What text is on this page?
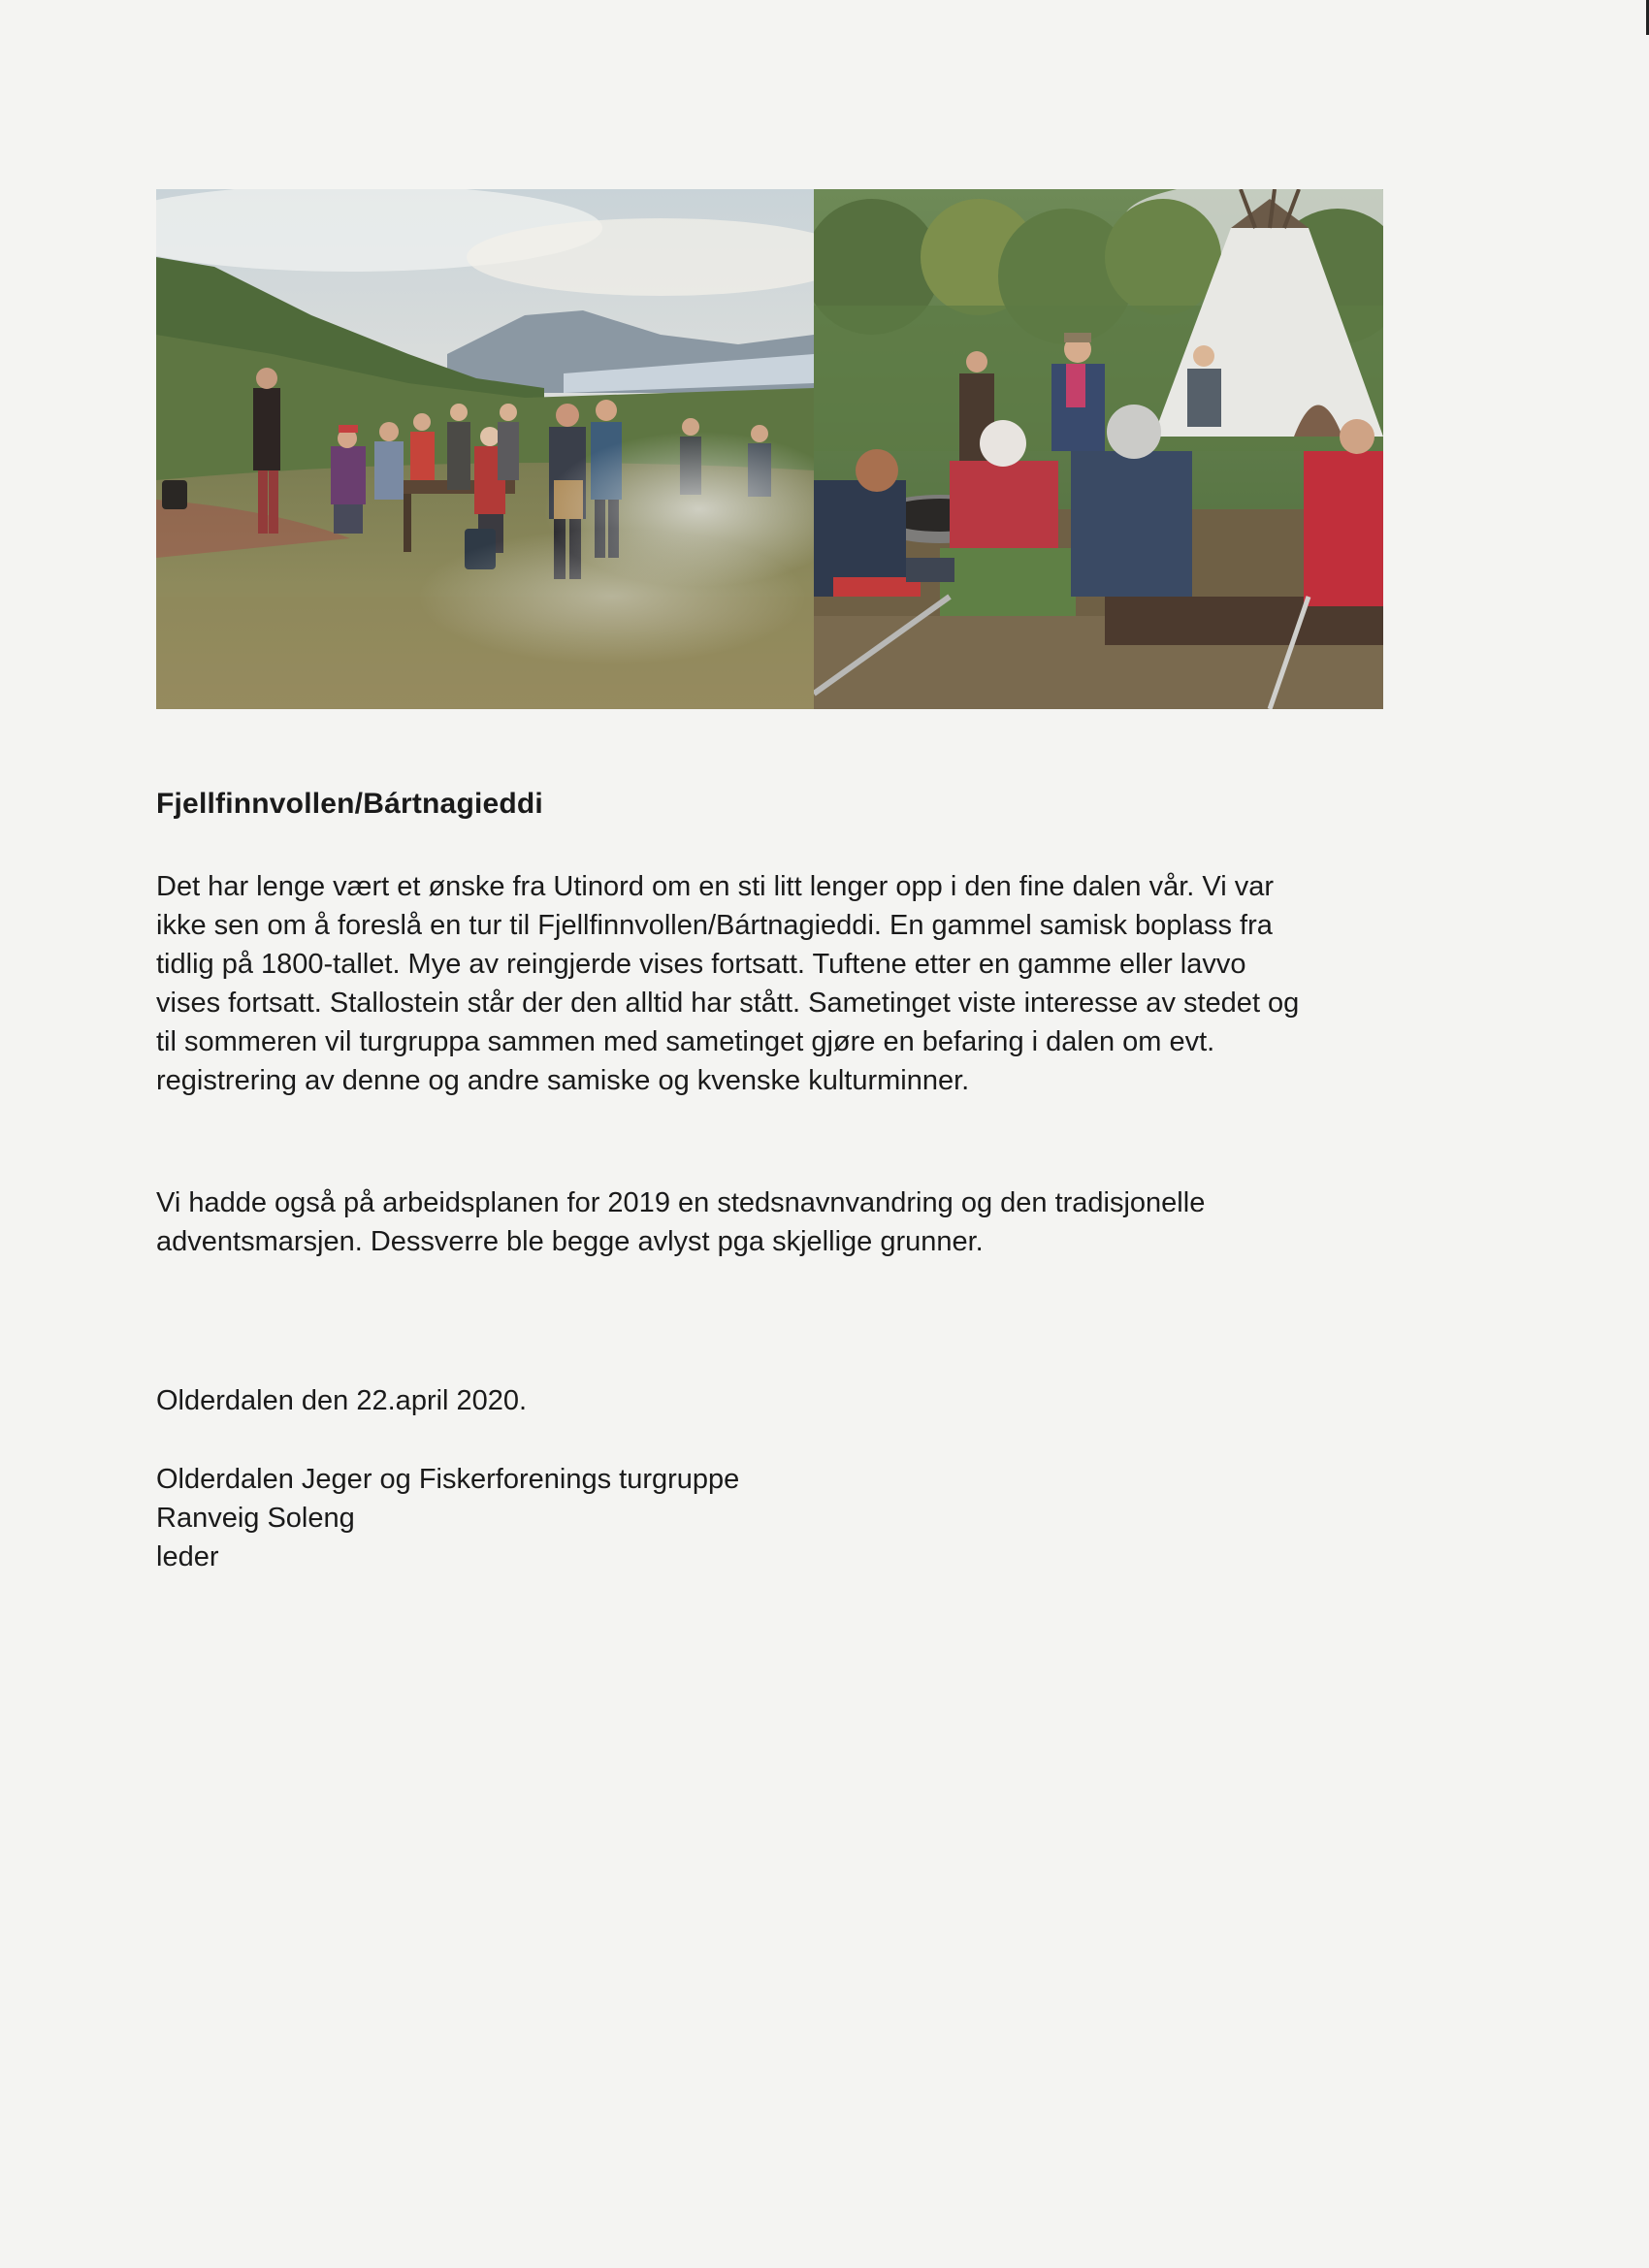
Fjellfinnvollen/Bártnagieddi

Det har lenge vært et ønske fra Utinord om en sti litt lenger opp i den fine dalen vår. Vi var
ikke sen om å foreslå en tur til Fjellfinnvollen/Bártnagieddi. En gammel samisk boplass fra
tidlig på 1800-tallet. Mye av reingjerde vises fortsatt. Tuftene etter en gamme eller lavvo
vises fortsatt. Stallostein står der den alltid har stått. Sametinget viste interesse av stedet og
til sommeren vil turgruppa sammen med sametinget gjøre en befaring i dalen om evt.
registrering av denne og andre samiske og kvenske kulturminner.

Vi hadde også på arbeidsplanen for 2019 en stedsnavnvandring og den tradisjonelle
adventsmarsjen. Dessverre ble begge avlyst pga skjellige grunner.

Olderdalen den 22.april 2020.

Olderdalen Jeger og Fiskerforenings turgruppe

Ranveig Soleng

leder
